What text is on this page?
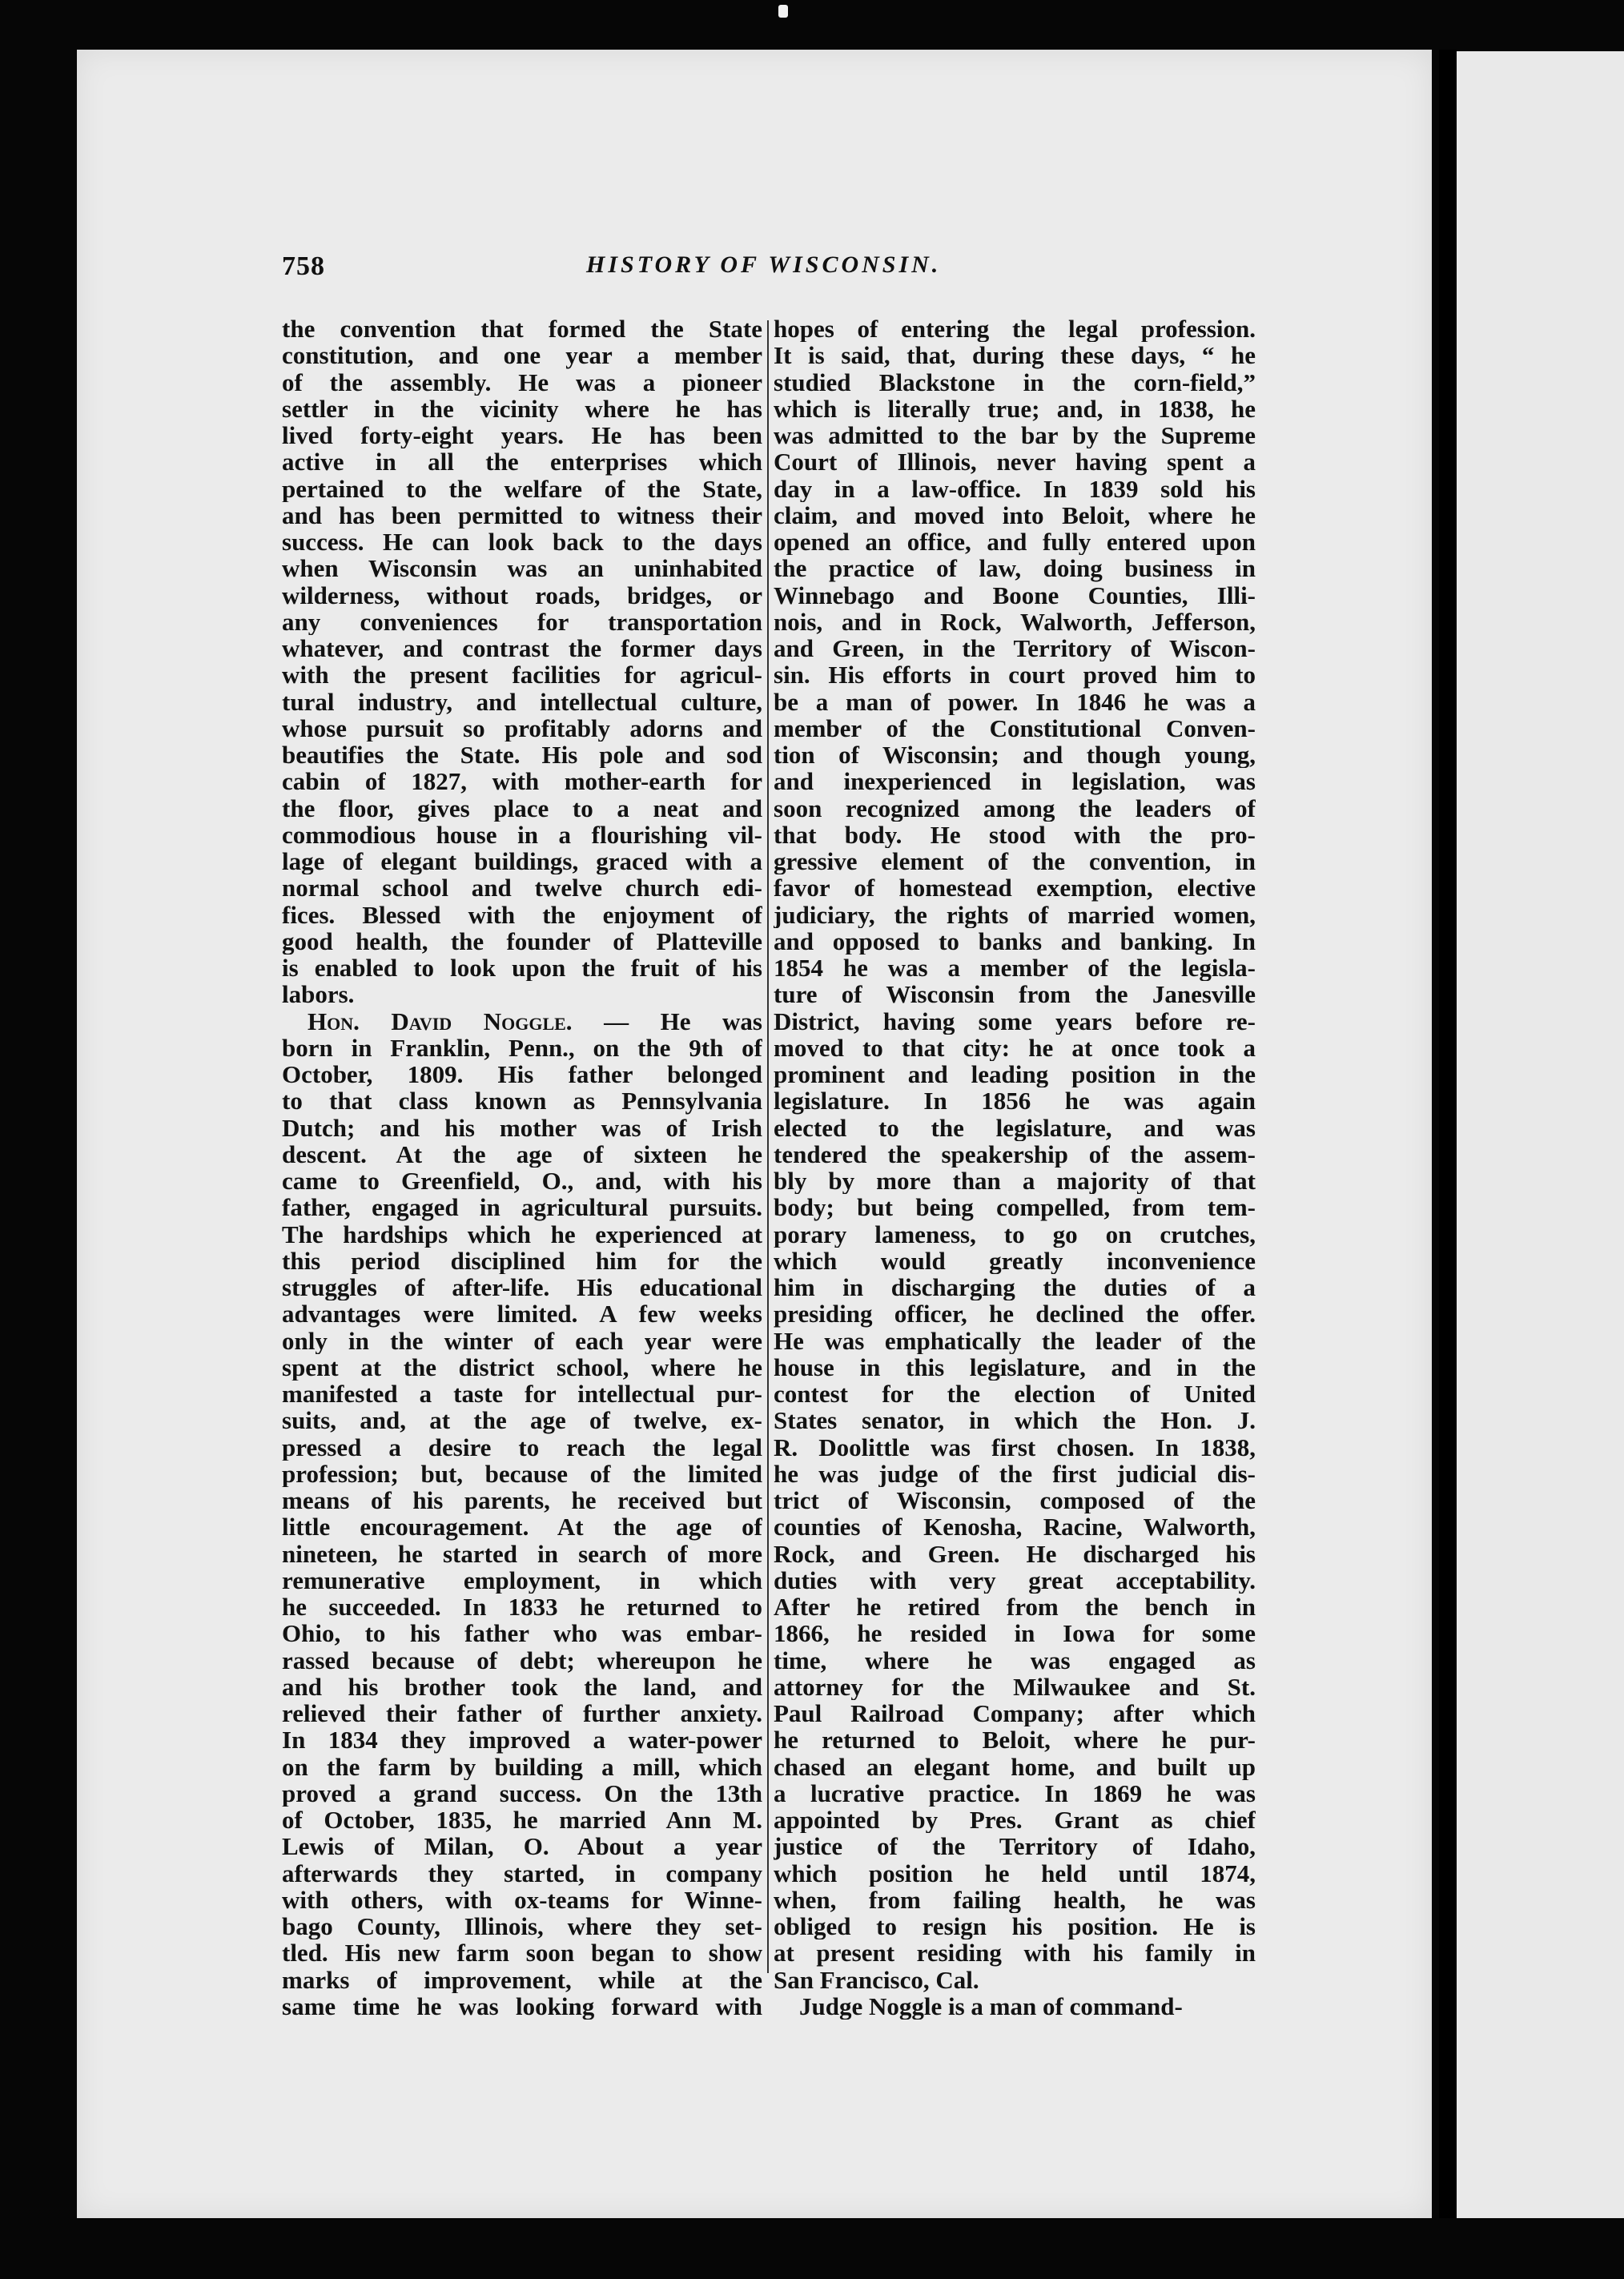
758	HISTORY OF WISCONSIN.
the convention that formed the State
constitution, and one year a member
of the assembly. He was a pioneer
settler in the vicinity where he has
lived forty-eight years. He has been
active in all the enterprises which
pertained to the welfare of the State,
and has been permitted to witness their
success. He can look back to the days
when Wisconsin was an uninhabited
wilderness, without roads, bridges, or
any conveniences for transportation
whatever, and contrast the former days
with the present facilities for agricul-
tural industry, and intellectual culture,
whose pursuit so profitably adorns and
beautifies the State. His pole and sod
cabin of 1827, with mother-earth for
the floor, gives place to a neat and
commodious house in a flourishing vil-
lage of elegant buildings, graced with a
normal school and twelve church edi-
fices. Blessed with the enjoyment of
good health, the founder of Platteville
is enabled to look upon the fruit of his
labors.
Hon. David Noggle. — He was
born in Franklin, Penn., on the 9th of
October, 1809. His father belonged
to that class known as Pennsylvania
Dutch; and his mother was of Irish
descent. At the age of sixteen he
came to Greenfield, O., and, with his
father, engaged in agricultural pursuits.
The hardships which he experienced at
this period disciplined him for the
struggles of after-life. His educational
advantages were limited. A few weeks
only in the winter of each year were
spent at the district school, where he
manifested a taste for intellectual pur-
suits, and, at the age of twelve, ex-
pressed a desire to reach the legal
profession; but, because of the limited
means of his parents, he received but
little encouragement. At the age of
nineteen, he started in search of more
remunerative employment, in which
he succeeded. In 1833 he returned to
Ohio, to his father who was embar-
rassed because of debt; whereupon he
and his brother took the land, and
relieved their father of further anxiety.
In 1834 they improved a water-power
on the farm by building a mill, which
proved a grand success. On the 13th
of October, 1835, he married Ann M.
Lewis of Milan, O. About a year
afterwards they started, in company
with others, with ox-teams for Winne-
bago County, Illinois, where they set-
tled. His new farm soon began to show
marks of improvement, while at the
same time he was looking forward with
hopes of entering the legal profession.
It is said, that, during these days, “ he
studied Blackstone in the corn-field,”
which is literally true; and, in 1838, he
was admitted to the bar by the Supreme
Court of Illinois, never having spent a
day in a law-office. In 1839 sold his
claim, and moved into Beloit, where he
opened an office, and fully entered upon
the practice of law, doing business in
Winnebago and Boone Counties, Illi-
nois, and in Rock, Walworth, Jefferson,
and Green, in the Territory of Wiscon-
sin. His efforts in court proved him to
be a man of power. In 1846 he was a
member of the Constitutional Conven-
tion of Wisconsin; and though young,
and inexperienced in legislation, was
soon recognized among the leaders of
that body. He stood with the pro-
gressive element of the convention, in
favor of homestead exemption, elective
judiciary, the rights of married women,
and opposed to banks and banking. In
1854 he was a member of the legisla-
ture of Wisconsin from the Janesville
District, having some years before re-
moved to that city: he at once took a
prominent and leading position in the
legislature. In 1856 he was again
elected to the legislature, and was
tendered the speakership of the assem-
bly by more than a majority of that
body; but being compelled, from tem-
porary lameness, to go on crutches,
which would greatly inconvenience
him in discharging the duties of a
presiding officer, he declined the offer.
He was emphatically the leader of the
house in this legislature, and in the
contest for the election of United
States senator, in which the Hon. J.
R. Doolittle was first chosen. In 1838,
he was judge of the first judicial dis-
trict of Wisconsin, composed of the
counties of Kenosha, Racine, Walworth,
Rock, and Green. He discharged his
duties with very great acceptability.
After he retired from the bench in
1866, he resided in Iowa for some
time, where he was engaged as
attorney for the Milwaukee and St.
Paul Railroad Company; after which
he returned to Beloit, where he pur-
chased an elegant home, and built up
a lucrative practice. In 1869 he was
appointed by Pres. Grant as chief
justice of the Territory of Idaho,
which position he held until 1874,
when, from failing health, he was
obliged to resign his position. He is
at present residing with his family in
San Francisco, Cal.
Judge Noggle is a man of command-
